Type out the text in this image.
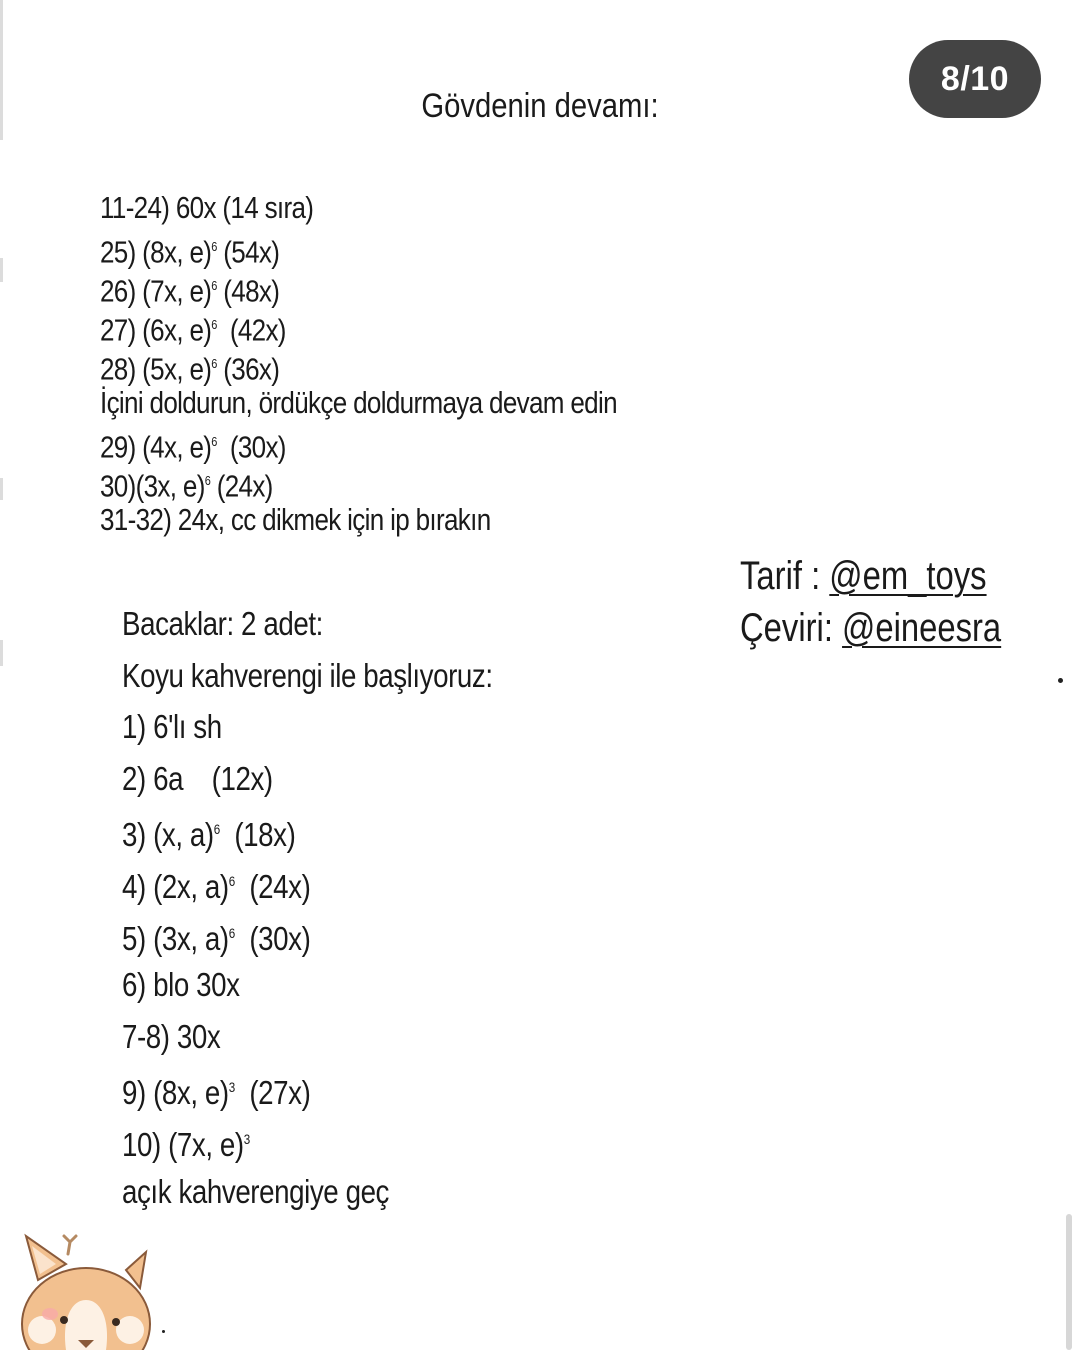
8/10
Gövdenin devamı:
11-24) 60x (14 sıra)
25) (8x, e)$^6$ (54x)
26) (7x, e)$^6$ (48x)
27) (6x, e)$^6$  (42x)
28) (5x, e)$^6$ (36x)
İçini doldurun, ördükçe doldurmaya devam edin
29) (4x, e)$^6$  (30x)
30)(3x, e)$^6$ (24x)
31-32) 24x, cc dikmek için ip bırakın
Tarif : @em_toys
Çeviri: @eineesra
Bacaklar: 2 adet:
Koyu kahverengi ile başlıyoruz:
1) 6'lı sh
2) 6a (12x)
3) (x, a)$^6$  (18x)
4) (2x, a)$^6$  (24x)
5) (3x, a)$^6$  (30x)
6) blo 30x
7-8) 30x
9) (8x, e)$^3$  (27x)
10) (7x, e)$^3$
açık kahverengiye geç
